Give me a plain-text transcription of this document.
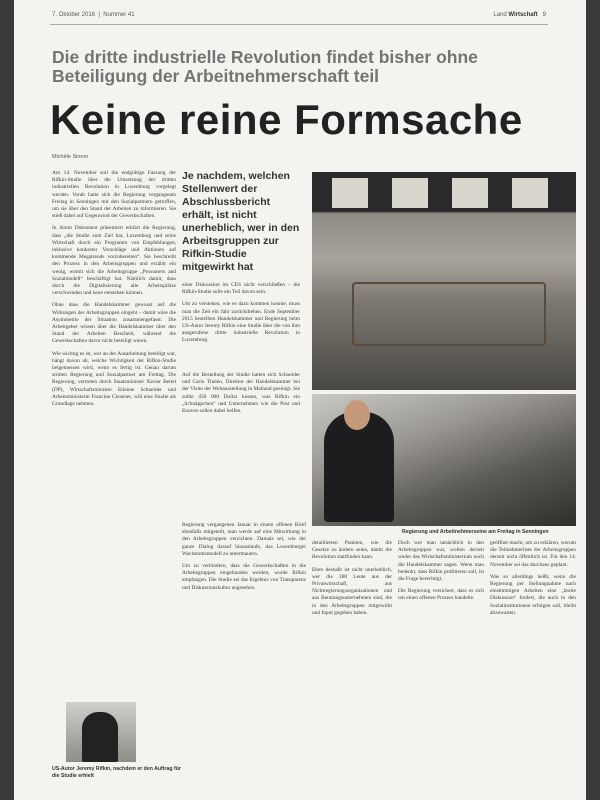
7. Oktober 2016  |  Nummer 41	Land Wirtschaft 9
Die dritte industrielle Revolution findet bisher ohne Beteiligung der Arbeitnehmerschaft teil
Keine reine Formsache
Michèle Sinner

Am 14. November soll die endgültige Fassung der Rifkin-Studie über die Umsetzung der dritten industriellen Revolution in Luxemburg vorgelegt werden. Vorab hatte sich die Regierung vergangenen Freitag in Senningen mit den Sozialpartnern getroffen, um sie über den Stand der Arbeiten zu informieren. Sie stieß dabei auf Gegenwind der Gewerkschaften.

In ihrem Dokument präsentiert erklärt die Regierung, dass „die Studie zum Ziel hat, Luxemburg und seine Wirtschaft durch ein Programm von Empfehlungen, inklusive konkreter Vorschläge und Aktionen auf kommende Megatrends vorzubereiten“. Sie beschreibt den Prozess in den Arbeitsgruppen und erzählt ein wenig, womit sich die Arbeitsgruppe „Prosumers and Sozialmodell“ beschäftigt hat. Nämlich damit, dass durch die Digitalisierung alle Arbeitsplätze verschwinden und neue entstehen können.

Ohne dass die Handelskammer gewusst auf die Wirkungen der Arbeitsgruppen eingeht – damit wäre die Asymmetrie der Situation zusammengefasst: Die Arbeitgeber wissen über die Handelskammer über den Stand der Arbeiten Bescheid, während die Gewerkschaften davor nicht beteiligt waren.

Wie wichtig es ist, wer an der Ausarbeitung beteiligt war, hängt davon ab, welche Wichtigkeit der Rifkin-Studie beigemessen wird, wenn es fertig ist. Genau darum stritten Regierung und Sozialpartner am Freitag. Die Regierung, vertreten durch Staatsminister Xavier Bettel (DP), Wirtschaftsminister Etienne Schneider und Arbeitsministerin Francine Closener, will eine Studie als Grundlage nehmen.

Je nachdem, welchen Stellenwert der Abschlussbericht erhält, ist nicht unerheblich, wer in den Arbeitsgruppen zur Rifkin-Studie mitgewirkt hat

einer Diskussion im CES nicht verschließen – die Rifkin-Studie solle ein Teil davon sein.

Um zu verstehen, wie es dazu kommen konnte, muss man die Zeit ein Jahr zurückdrehen. Ende September 2015 bestellten Handelskammer und Regierung beim US-Autor Jeremy Rifkin eine Studie über die von ihm ausgerufene dritte industrielle Revolution in Luxemburg.

Auf die Bestellung der Studie hatten sich Schneider und Carlo Thelen, Direktor der Handelskammer bei der Visite der Weltausstellung in Mailand geeinigt. Sie sollte 450 000 Dollar kosten, was Rifkin ein „Schnäppchen“ und Unternehmen wie die Post und Enovos sollen dabei helfen.

Regierung und Arbeitnehmerseine am Freitag in Senningen

Regierung vergangenen Januar in einem offenen Brief ebenfalls mitgeteilt, man werde auf eine Mitwirkung in den Arbeitsgruppen verzichten. Damals sei, wie der ganze Dialog darauf hinauslaufe, das Luxemburger Wachstumsmodell zu untermauern.

Um zu verhindern, dass die Gewerkschaften in die Arbeitsgruppen eingebunden werden, wurde Rifkin empfangen. Die Studie sei das Ergebnis von Transparenz und Diskussionskultur angesehen.

detaillierten Punkten, wie die Gesetze zu ändern seien, damit die Revolution stattfinden kann.

Eben deshalb ist nicht unerheblich, wer die 280 Leute aus der Privatwirtschaft, aus Nichtregierungsorganisationen und aus Beratungsunternehmen sind, die in den Arbeitsgruppen mitgewirkt und Input gegeben haben.

Doch wer man tatsächlich in den Arbeitsgruppen war, wollen derzeit weder das Wirtschaftsministerium noch die Handelskammer sagen. Wenn man bedenkt, dass Rifkin profitieren soll, ist die Frage berechtigt.

Die Regierung versichert, dass es sich um einen offenen Prozess handelte.

geöffnet macht, um zu erklären, worum die Teilnehmerliste der Arbeitsgruppen derzeit nicht öffentlich ist. Für den 14. November sei das durchaus geplant.

Was so allerdings heißt, wenn die Regierung per Stellungnahme nach einstimmigen Arbeiten eine „breite Diskussion“ fordert, die auch in den Sozialinstitutionen erfolgen soll, bleibt abzuwarten.

US-Autor Jeremy Rifkin, nachdem er den Auftrag für die Studie erhielt
